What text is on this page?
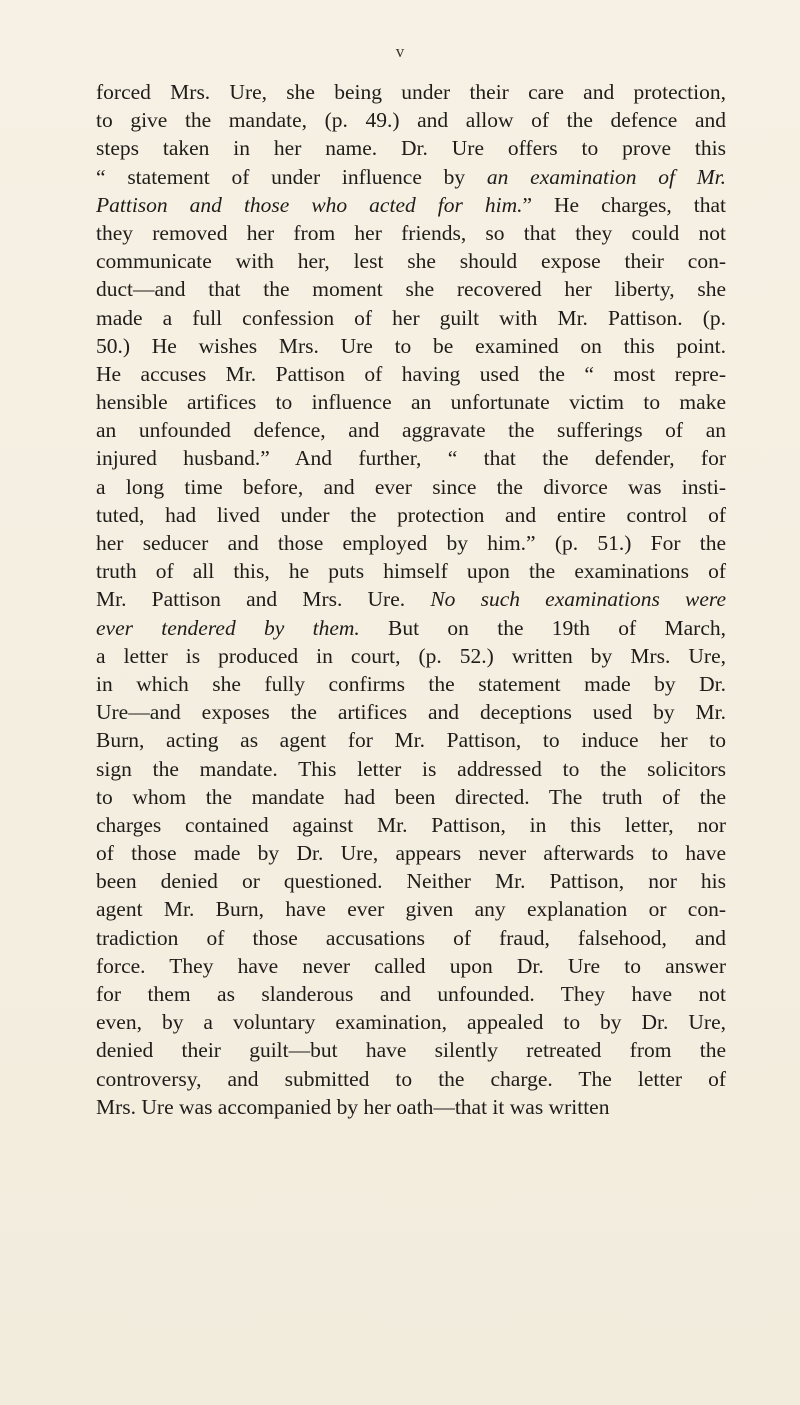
v
forced Mrs. Ure, she being under their care and protection,
to give the mandate, (p. 49.) and allow of the defence and
steps taken in her name. Dr. Ure offers to prove this
“ statement of under influence by an examination of Mr.
Pattison and those who acted for him.” He charges, that
they removed her from her friends, so that they could not
communicate with her, lest she should expose their con-
duct—and that the moment she recovered her liberty, she
made a full confession of her guilt with Mr. Pattison. (p.
50.) He wishes Mrs. Ure to be examined on this point.
He accuses Mr. Pattison of having used the “ most repre-
hensible artifices to influence an unfortunate victim to make
an unfounded defence, and aggravate the sufferings of an
injured husband.” And further, “ that the defender, for
a long time before, and ever since the divorce was insti-
tuted, had lived under the protection and entire control of
her seducer and those employed by him.” (p. 51.) For the
truth of all this, he puts himself upon the examinations of
Mr. Pattison and Mrs. Ure. No such examinations were
ever tendered by them. But on the 19th of March,
a letter is produced in court, (p. 52.) written by Mrs. Ure,
in which she fully confirms the statement made by Dr.
Ure—and exposes the artifices and deceptions used by Mr.
Burn, acting as agent for Mr. Pattison, to induce her to
sign the mandate. This letter is addressed to the solicitors
to whom the mandate had been directed. The truth of the
charges contained against Mr. Pattison, in this letter, nor
of those made by Dr. Ure, appears never afterwards to have
been denied or questioned. Neither Mr. Pattison, nor his
agent Mr. Burn, have ever given any explanation or con-
tradiction of those accusations of fraud, falsehood, and
force. They have never called upon Dr. Ure to answer
for them as slanderous and unfounded. They have not
even, by a voluntary examination, appealed to by Dr. Ure,
denied their guilt—but have silently retreated from the
controversy, and submitted to the charge. The letter of
Mrs. Ure was accompanied by her oath—that it was written
